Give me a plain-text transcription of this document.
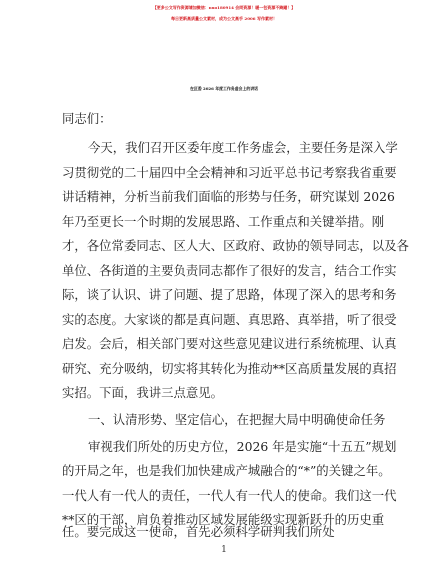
【更多公文写作资源请加微信：nuo180914 会同资源！暖一包资源不踌躇！】
每日更新高质量公文素材，成为公文高手 2006 写作素材！
在区委 2026 年度工作务虚会上的讲话
同志们：
今天，我们召开区委年度工作务虚会，主要任务是深入学
习贯彻党的二十届四中全会精神和习近平总书记考察我省重要
讲话精神，分析当前我们面临的形势与任务，研究谋划 2026
年乃至更长一个时期的发展思路、工作重点和关键举措。刚
才，各位常委同志、区人大、区政府、政协的领导同志，以及各
单位、各街道的主要负责同志都作了很好的发言，结合工作实
际，谈了认识、讲了问题、提了思路，体现了深入的思考和务
实的态度。大家谈的都是真问题、真思路、真举措，听了很受
启发。会后，相关部门要对这些意见建议进行系统梳理、认真
研究、充分吸纳，切实将其转化为推动**区高质量发展的真招
实招。下面，我讲三点意见。
一、认清形势、坚定信心，在把握大局中明确使命任务
审视我们所处的历史方位，2026 年是实施“十五五”规划
的开局之年，也是我们加快建成产城融合的“*”的关键之年。
一代人有一代人的责任，一代人有一代人的使命。我们这一代
**区的干部，肩负着推动区域发展能级实现新跃升的历史重
任。要完成这一使命，首先必须科学研判我们所处
1
